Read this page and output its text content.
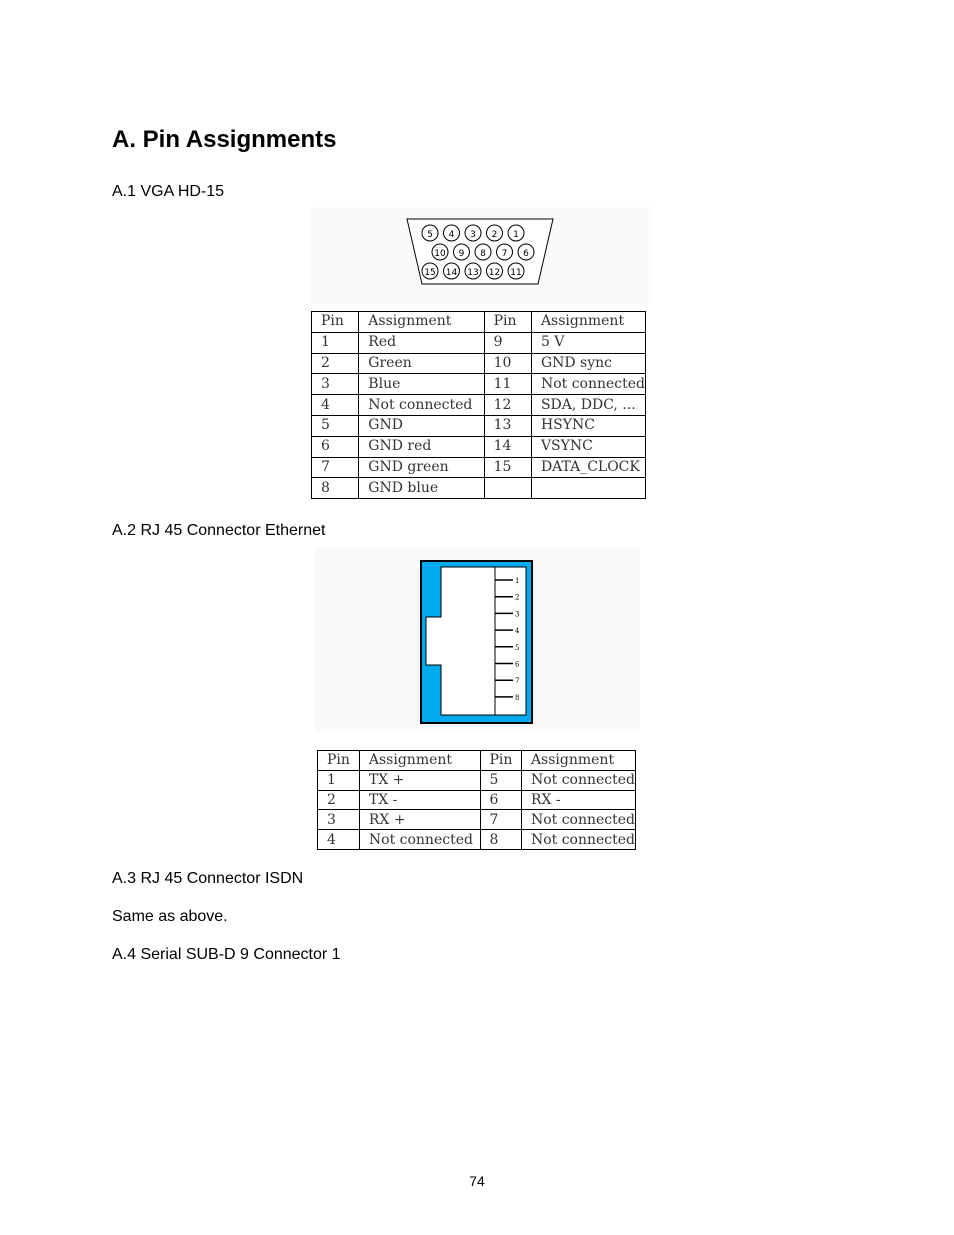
A. Pin Assignments
A.1 VGA HD-15
5 4 3 2 1
10 9 8 7 6
15 14 13 12 11
Pin	Assignment	Pin	Assignment
1	Red	9	5 V
2	Green	10	GND sync
3	Blue	11	Not connected
4	Not connected	12	SDA, DDC, ...
5	GND	13	HSYNC
6	GND red	14	VSYNC
7	GND green	15	DATA_CLOCK
8	GND blue		
A.2 RJ 45 Connector Ethernet
1
2
3
4
5
6
7
8
Pin	Assignment	Pin	Assignment
1	TX +	5	Not connected
2	TX -	6	RX -
3	RX +	7	Not connected
4	Not connected	8	Not connected
A.3 RJ 45 Connector ISDN
Same as above.
A.4 Serial SUB-D 9 Connector 1
74
